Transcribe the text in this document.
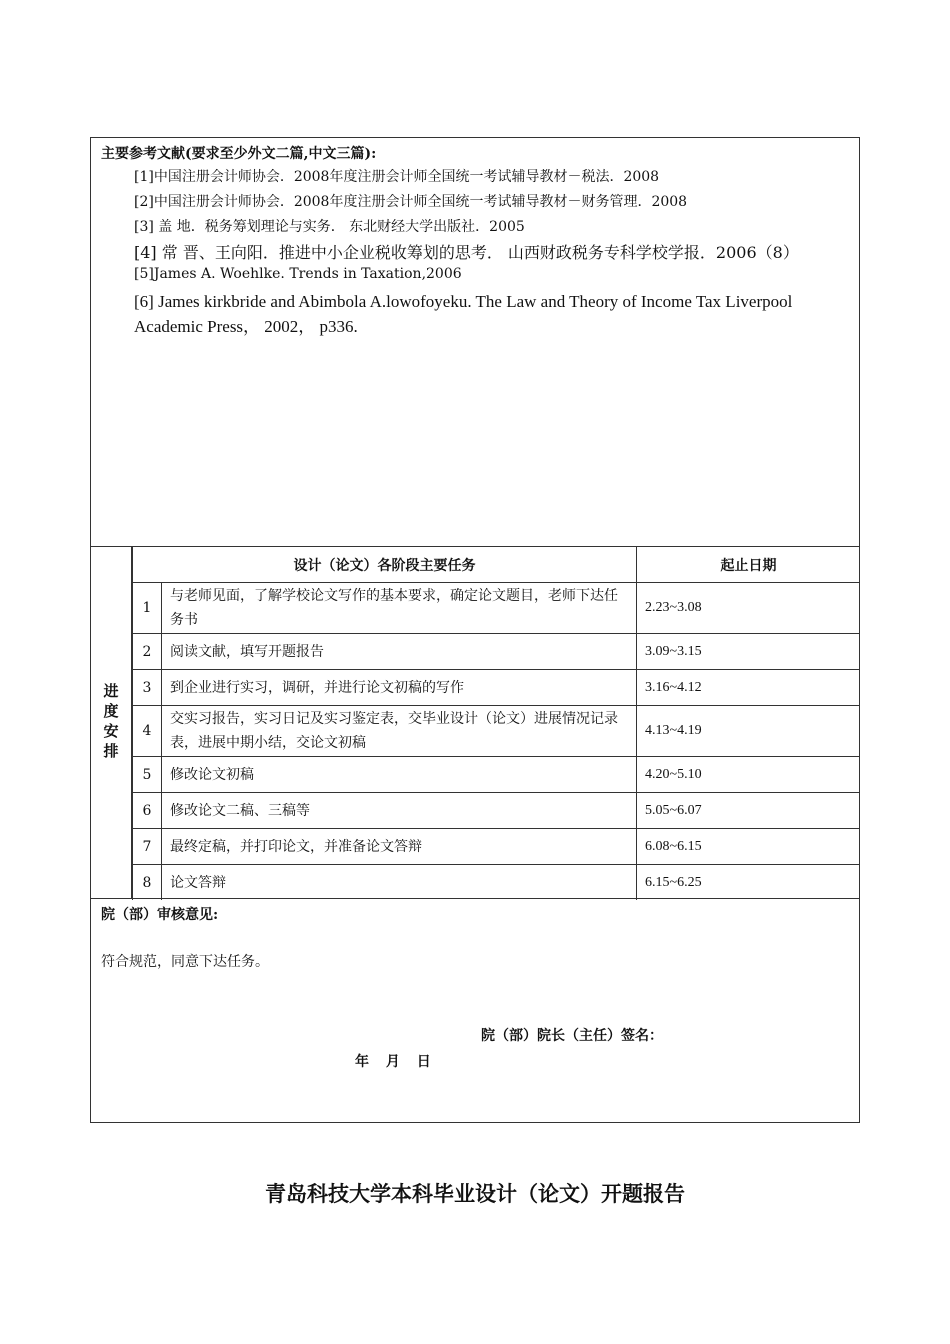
主要参考文献(要求至少外文二篇,中文三篇):
[1]中国注册会计师协会．2008年度注册会计师全国统一考试辅导教材－税法．2008
[2]中国注册会计师协会．2008年度注册会计师全国统一考试辅导教材－财务管理．2008
[3] 盖 地．税务筹划理论与实务． 东北财经大学出版社．2005
[4] 常 晋、王向阳．推进中小企业税收筹划的思考． 山西财政税务专科学校学报．2006（8）
[5]James A. Woehlke. Trends in Taxation,2006
[6] James kirkbride and Abimbola A.lowofoyeku. The Law and Theory of Income Tax Liverpool Academic Press， 2002， p336.
进度安排
设计（论文）各阶段主要任务		起止日期
1	与老师见面，了解学校论文写作的基本要求，确定论文题目，老师下达任务书	2.23~3.08
2	阅读文献，填写开题报告	3.09~3.15
3	到企业进行实习，调研，并进行论文初稿的写作	3.16~4.12
4	交实习报告，实习日记及实习鉴定表，交毕业设计（论文）进展情况记录表，进展中期小结，交论文初稿	4.13~4.19
5	修改论文初稿	4.20~5.10
6	修改论文二稿、三稿等	5.05~6.07
7	最终定稿，并打印论文，并准备论文答辩	6.08~6.15
8	论文答辩	6.15~6.25
院（部）审核意见:
符合规范，同意下达任务。
院（部）院长（主任）签名：
年 月 日
青岛科技大学本科毕业设计（论文）开题报告
